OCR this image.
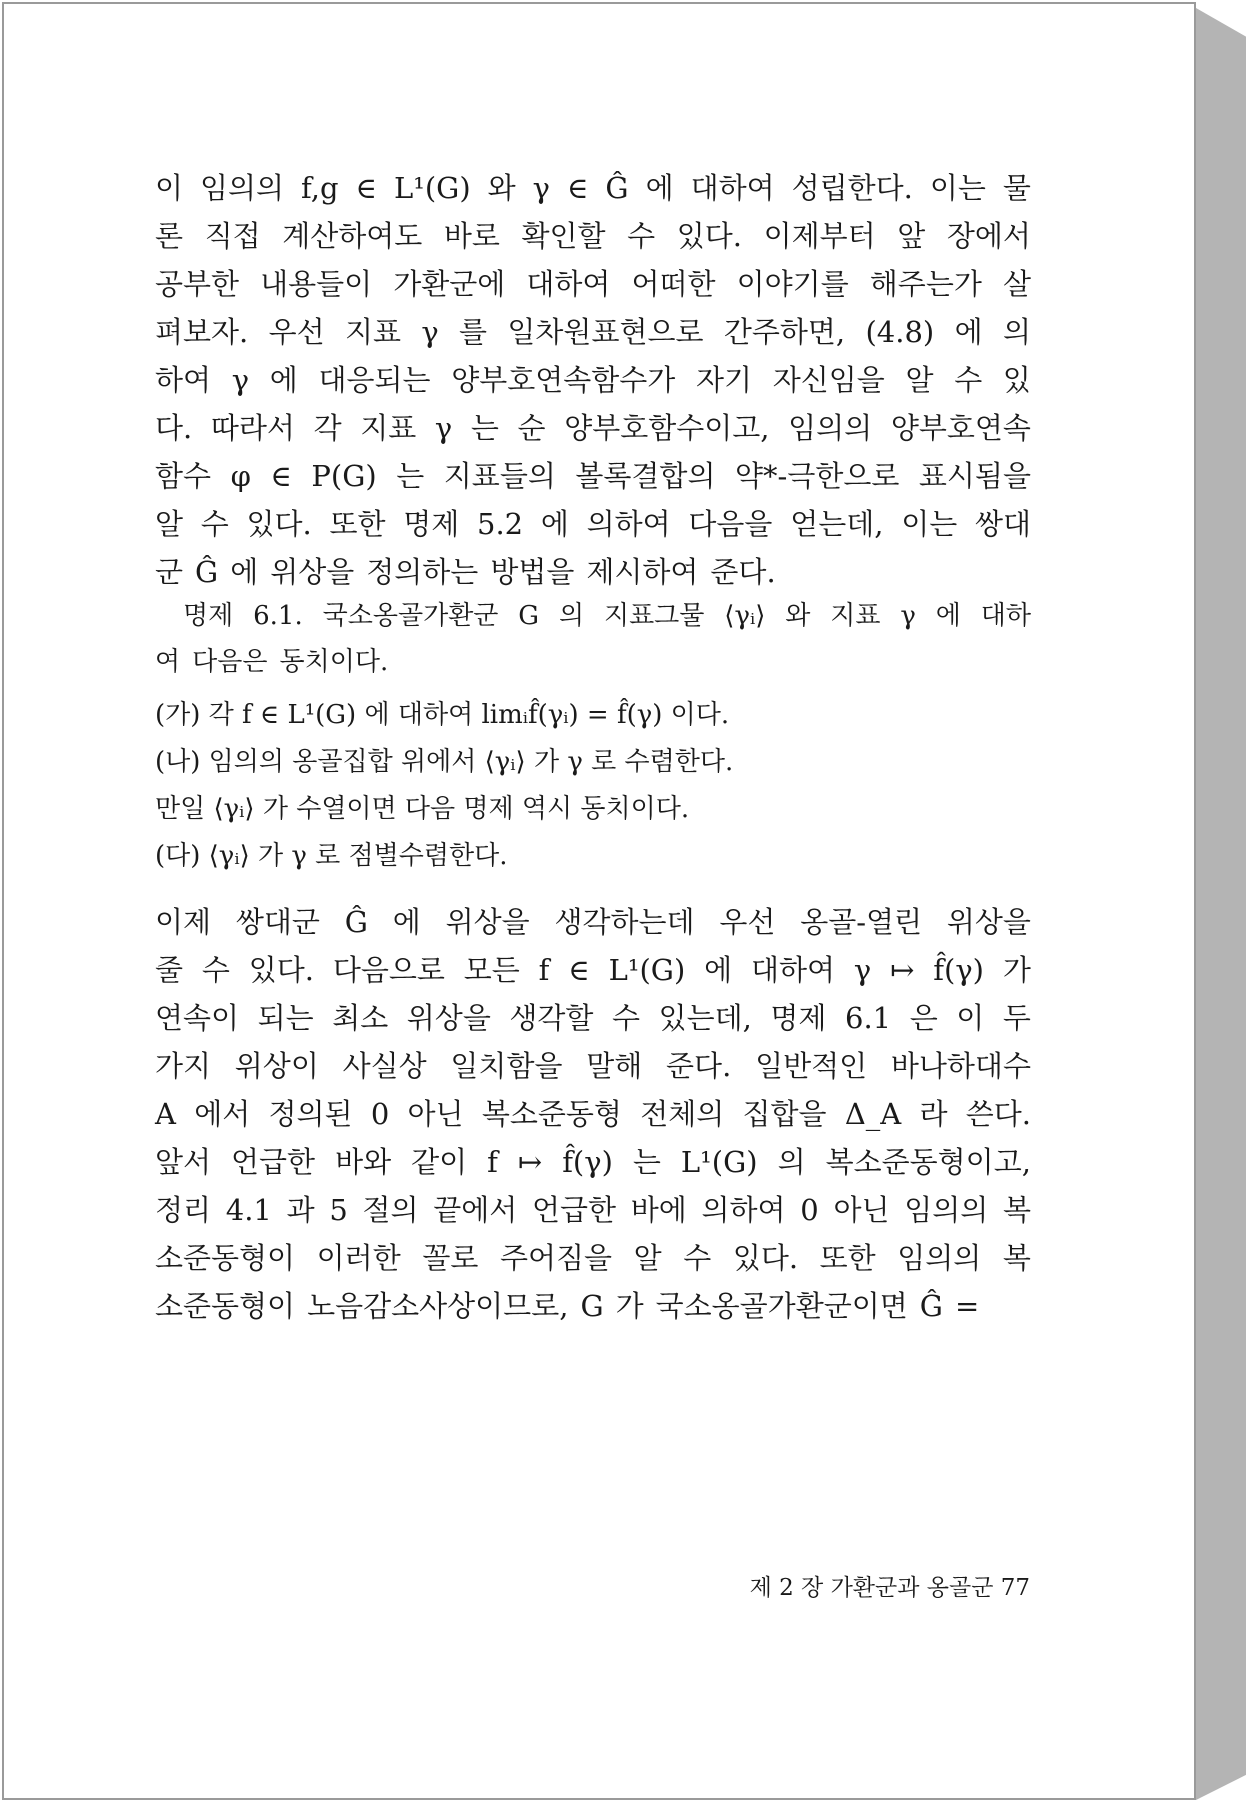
이 임의의 f,g ∈ L¹(G) 와 γ ∈ Ĝ 에 대하여 성립한다. 이는 물
론 직접 계산하여도 바로 확인할 수 있다. 이제부터 앞 장에서
공부한 내용들이 가환군에 대하여 어떠한 이야기를 해주는가 살
펴보자. 우선 지표 γ 를 일차원표현으로 간주하면, (4.8) 에 의
하여 γ 에 대응되는 양부호연속함수가 자기 자신임을 알 수 있
다. 따라서 각 지표 γ 는 순 양부호함수이고, 임의의 양부호연속
함수 φ ∈ P(G) 는 지표들의 볼록결합의 약*-극한으로 표시됨을
알 수 있다. 또한 명제 5.2 에 의하여 다음을 얻는데, 이는 쌍대
군 Ĝ 에 위상을 정의하는 방법을 제시하여 준다.
명제 6.1. 국소옹골가환군 G 의 지표그물 ⟨γᵢ⟩ 와 지표 γ 에 대하
여 다음은 동치이다.
(가) 각 f ∈ L¹(G) 에 대하여 limᵢf̂(γᵢ) = f̂(γ) 이다.
(나) 임의의 옹골집합 위에서 ⟨γᵢ⟩ 가 γ 로 수렴한다.
만일 ⟨γᵢ⟩ 가 수열이면 다음 명제 역시 동치이다.
(다) ⟨γᵢ⟩ 가 γ 로 점별수렴한다.
이제 쌍대군 Ĝ 에 위상을 생각하는데 우선 옹골-열린 위상을
줄 수 있다. 다음으로 모든 f ∈ L¹(G) 에 대하여 γ ↦ f̂(γ) 가
연속이 되는 최소 위상을 생각할 수 있는데, 명제 6.1 은 이 두
가지 위상이 사실상 일치함을 말해 준다. 일반적인 바나하대수
A 에서 정의된 0 아닌 복소준동형 전체의 집합을 Δ_A 라 쓴다.
앞서 언급한 바와 같이 f ↦ f̂(γ) 는 L¹(G) 의 복소준동형이고,
정리 4.1 과 5 절의 끝에서 언급한 바에 의하여 0 아닌 임의의 복
소준동형이 이러한 꼴로 주어짐을 알 수 있다. 또한 임의의 복
소준동형이 노음감소사상이므로, G 가 국소옹골가환군이면 Ĝ =
제 2 장 가환군과 옹골군 77
